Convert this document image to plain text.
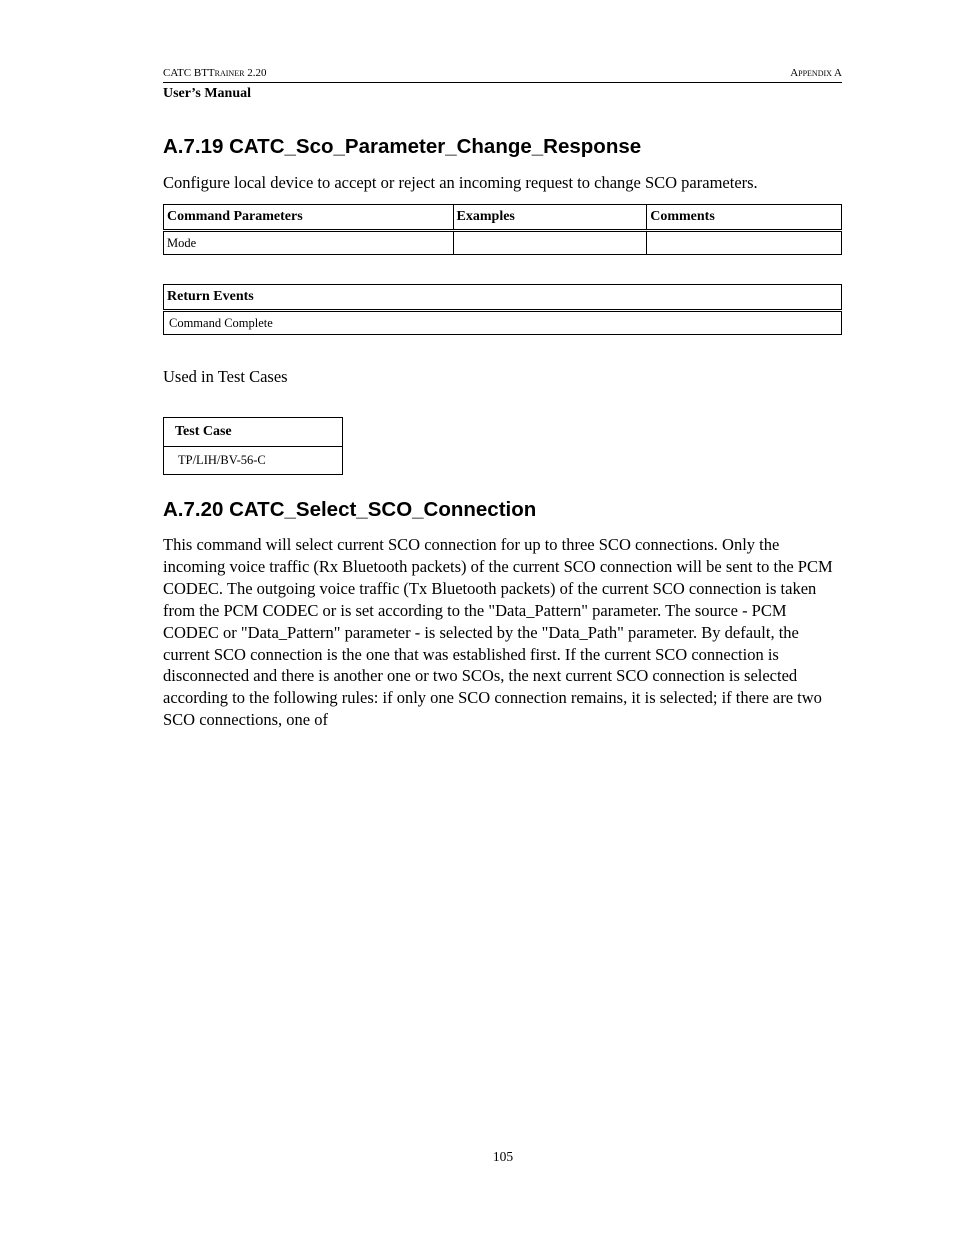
CATC BTTrainer 2.20	Appendix A
User’s Manual
A.7.19 CATC_Sco_Parameter_Change_Response

Configure local device to accept or reject an incoming request to change SCO parameters.

Command Parameters	Examples	Comments
Mode		
Return Events
Command Complete

Used in Test Cases

Test Case
TP/LIH/BV-56-C
A.7.20 CATC_Select_SCO_Connection

This command will select current SCO connection for up to three SCO connections. Only the incoming voice traffic (Rx Bluetooth packets) of the current SCO connection will be sent to the PCM CODEC. The outgoing voice traffic (Tx Bluetooth packets) of the current SCO connection is taken from the PCM CODEC or is set according to the "Data_Pattern" parameter. The source - PCM CODEC or "Data_Pattern" parameter - is selected by the "Data_Path" parameter. By default, the current SCO connection is the one that was established first. If the current SCO connection is disconnected and there is another one or two SCOs, the next current SCO connection is selected according to the following rules: if only one SCO connection remains, it is selected; if there are two SCO connections, one of

105
